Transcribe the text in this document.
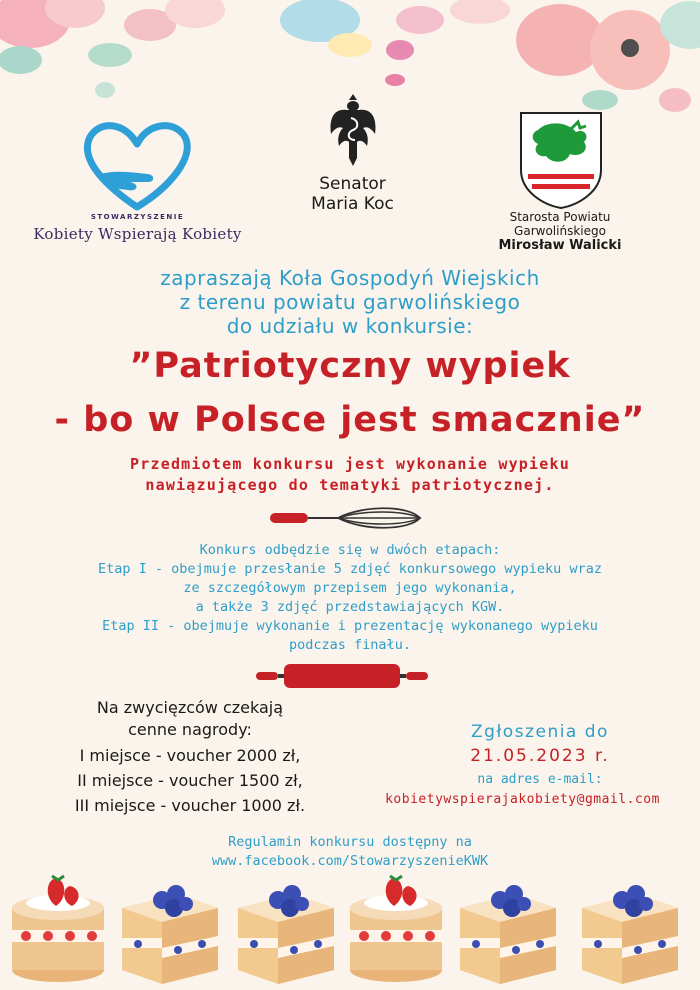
STOWARZYSZENIE
Kobiety Wspierają Kobiety
Senator
Maria Koc
Starosta Powiatu
Garwolińskiego
Mirosław Walicki
zapraszają Koła Gospodyń Wiejskich
z terenu powiatu garwolińskiego
do udziału w konkursie:
”Patriotyczny wypiek
- bo w Polsce jest smacznie”
Przedmiotem konkursu jest wykonanie wypieku
nawiązującego do tematyki patriotycznej.
Konkurs odbędzie się w dwóch etapach:
Etap I - obejmuje przesłanie 5 zdjęć konkursowego wypieku wraz
ze szczegółowym przepisem jego wykonania,
a także 3 zdjęć przedstawiających KGW.
Etap II - obejmuje wykonanie i prezentację wykonanego wypieku
podczas finału.
Na zwycięzców czekają
cenne nagrody:
I miejsce - voucher 2000 zł,
II miejsce - voucher 1500 zł,
III miejsce - voucher 1000 zł.
Zgłoszenia do
21.05.2023 r.
na adres e-mail:
kobietywspierajakobiety@gmail.com
Regulamin konkursu dostępny na
www.facebook.com/StowarzyszenieKWK
